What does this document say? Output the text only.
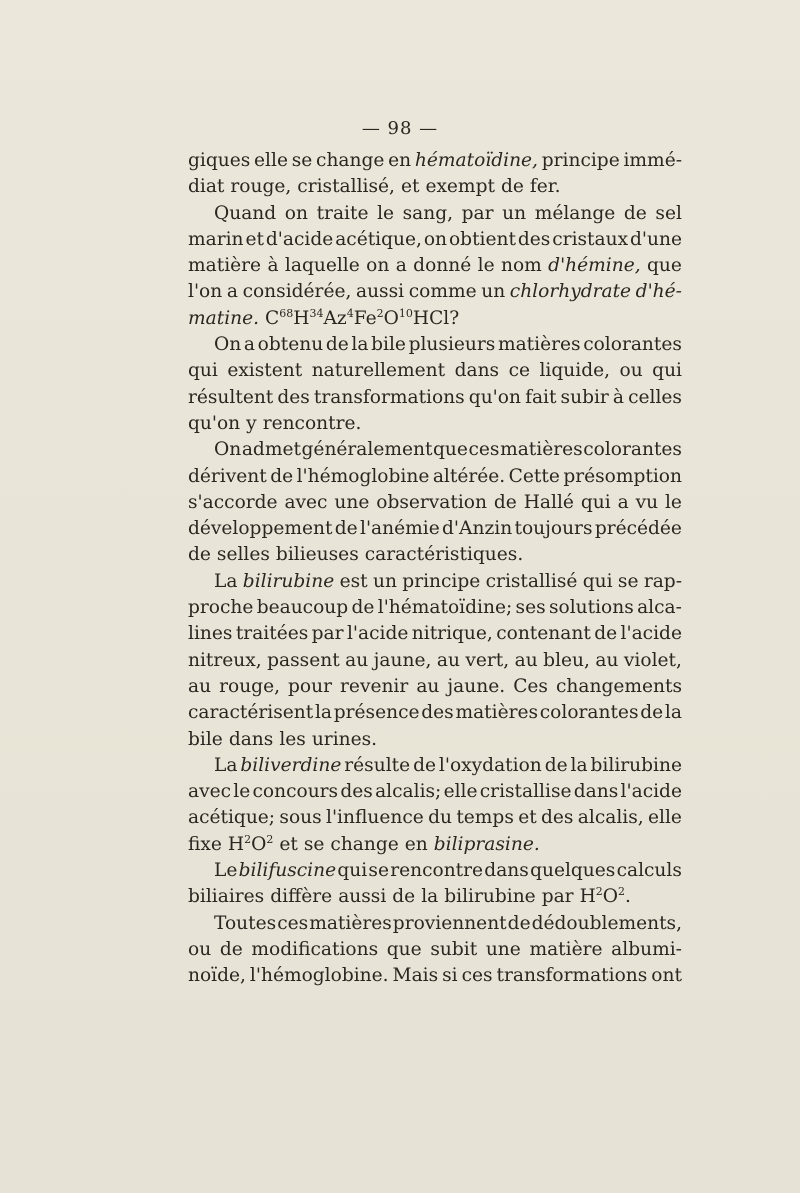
— 98 —
giques elle se change en hématoïdine, principe immé-
diat rouge, cristallisé, et exempt de fer.
Quand on traite le sang, par un mélange de sel
marin et d'acide acétique, on obtient des cristaux d'une
matière à laquelle on a donné le nom d'hémine, que
l'on a considérée, aussi comme un chlorhydrate d'hé-
matine. $C^{68}H^{34}Az^4Fe^2O^{10}HCl$?
On a obtenu de la bile plusieurs matières colorantes
qui existent naturellement dans ce liquide, ou qui
résultent des transformations qu'on fait subir à celles
qu'on y rencontre.
On admet généralement que ces matières colorantes
dérivent de l'hémoglobine altérée. Cette présomption
s'accorde avec une observation de Hallé qui a vu le
développement de l'anémie d'Anzin toujours précédée
de selles bilieuses caractéristiques.
La bilirubine est un principe cristallisé qui se rap-
proche beaucoup de l'hématoïdine; ses solutions alca-
lines traitées par l'acide nitrique, contenant de l'acide
nitreux, passent au jaune, au vert, au bleu, au violet,
au rouge, pour revenir au jaune. Ces changements
caractérisent la présence des matières colorantes de la
bile dans les urines.
La biliverdine résulte de l'oxydation de la bilirubine
avec le concours des alcalis; elle cristallise dans l'acide
acétique; sous l'influence du temps et des alcalis, elle
fixe $H^2O^2$ et se change en biliprasine.
Le bilifuscine qui se rencontre dans quelques calculs
biliaires diffère aussi de la bilirubine par $H^2O^2$.
Toutes ces matières proviennent de dédoublements,
ou de modifications que subit une matière albumi-
noïde, l'hémoglobine. Mais si ces transformations ont
